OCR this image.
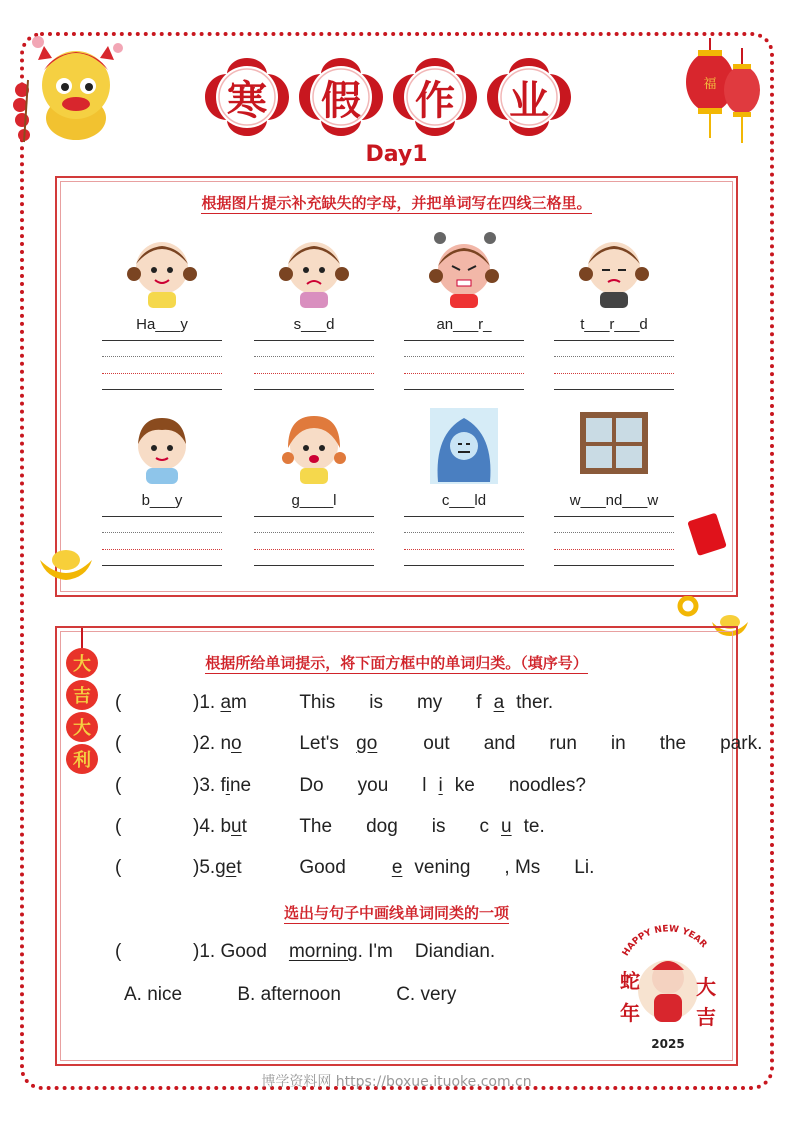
福
寒 假 作 业
Day1
根据图片提示补充缺失的字母，并把单词写在四线三格里。
Ha___y	s___d	an___r_	t___r___d
b___y	g____l	c___ld	w___nd___w
根据所给单词提示，将下面方框中的单词归类。（填序号）
选出与句子中画线单词同类的一项
大
吉
大
利
(	)1. am	This is my f a ther.
(	)2. no	Let's go out and run in the park.
(	)3. fine	Do you l i ke noodles?
(	)4. but	The dog is c u te.
(	)5.get	Good e vening , Ms Li.
(	)1. Good morning. I'm Diandian.
A. nice	B. afternoon	C. very
HAPPY NEW YEAR
蛇
年
大
吉
2025
博学资料网 https://boxue.ituoke.com.cn
